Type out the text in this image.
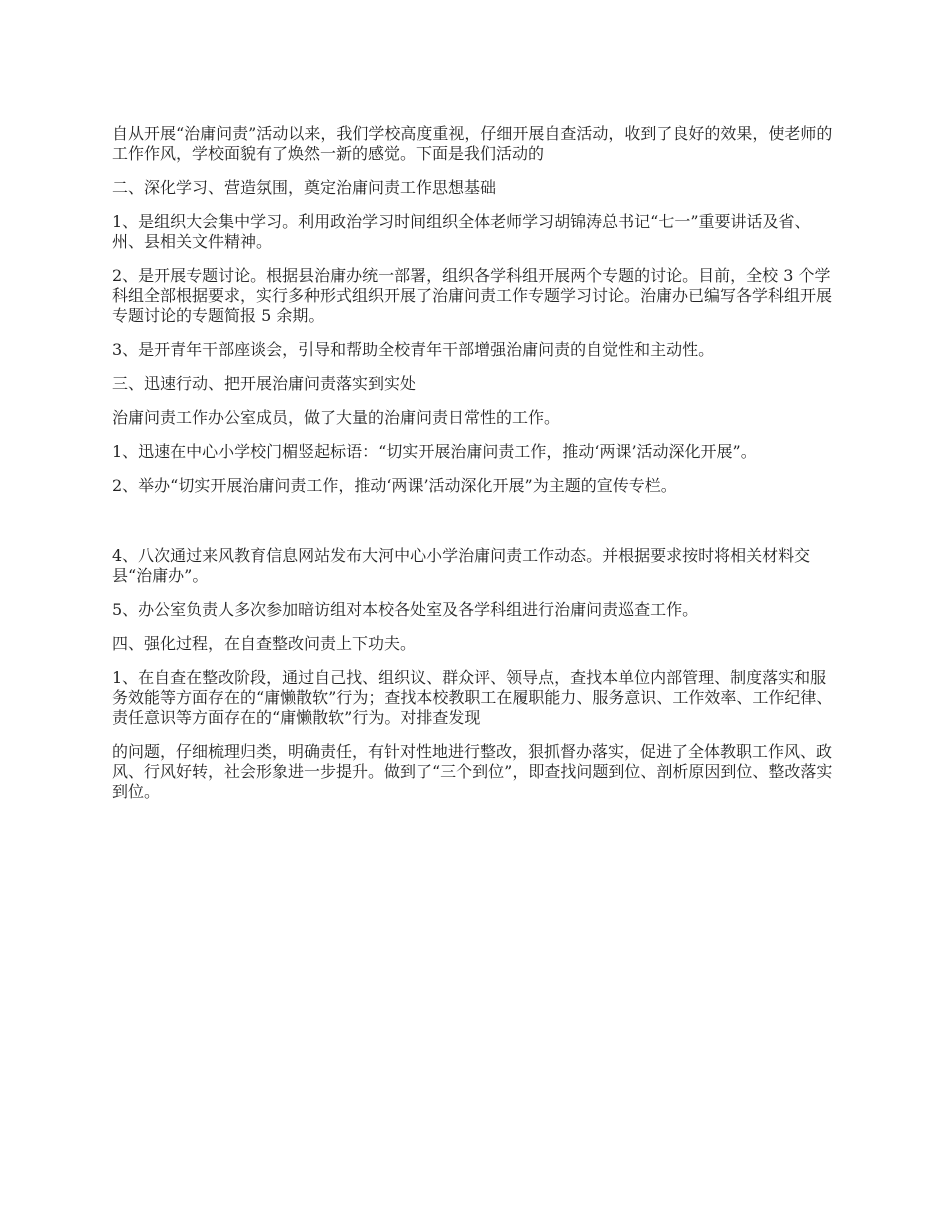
自从开展“治庸问责”活动以来，我们学校高度重视，仔细开展自查活动，收到了良好的效果，使老师的工作作风，学校面貌有了焕然一新的感觉。下面是我们活动的

二、深化学习、营造氛围，奠定治庸问责工作思想基础

1、是组织大会集中学习。利用政治学习时间组织全体老师学习胡锦涛总书记“七一”重要讲话及省、州、县相关文件精神。

2、是开展专题讨论。根据县治庸办统一部署，组织各学科组开展两个专题的讨论。目前，全校 3 个学科组全部根据要求，实行多种形式组织开展了治庸问责工作专题学习讨论。治庸办已编写各学科组开展专题讨论的专题简报 5 余期。

3、是开青年干部座谈会，引导和帮助全校青年干部增强治庸问责的自觉性和主动性。

三、迅速行动、把开展治庸问责落实到实处

治庸问责工作办公室成员，做了大量的治庸问责日常性的工作。

1、迅速在中心小学校门楣竖起标语：“切实开展治庸问责工作，推动‘两课’活动深化开展”。

2、举办“切实开展治庸问责工作，推动‘两课’活动深化开展”为主题的宣传专栏。

4、八次通过来风教育信息网站发布大河中心小学治庸问责工作动态。并根据要求按时将相关材料交县“治庸办”。

5、办公室负责人多次参加暗访组对本校各处室及各学科组进行治庸问责巡查工作。

四、强化过程，在自查整改问责上下功夫。

1、在自查在整改阶段，通过自己找、组织议、群众评、领导点，查找本单位内部管理、制度落实和服务效能等方面存在的“庸懒散软”行为；查找本校教职工在履职能力、服务意识、工作效率、工作纪律、责任意识等方面存在的“庸懒散软”行为。对排查发现

的问题，仔细梳理归类，明确责任，有针对性地进行整改，狠抓督办落实，促进了全体教职工作风、政风、行风好转，社会形象进一步提升。做到了“三个到位”，即查找问题到位、剖析原因到位、整改落实到位。
